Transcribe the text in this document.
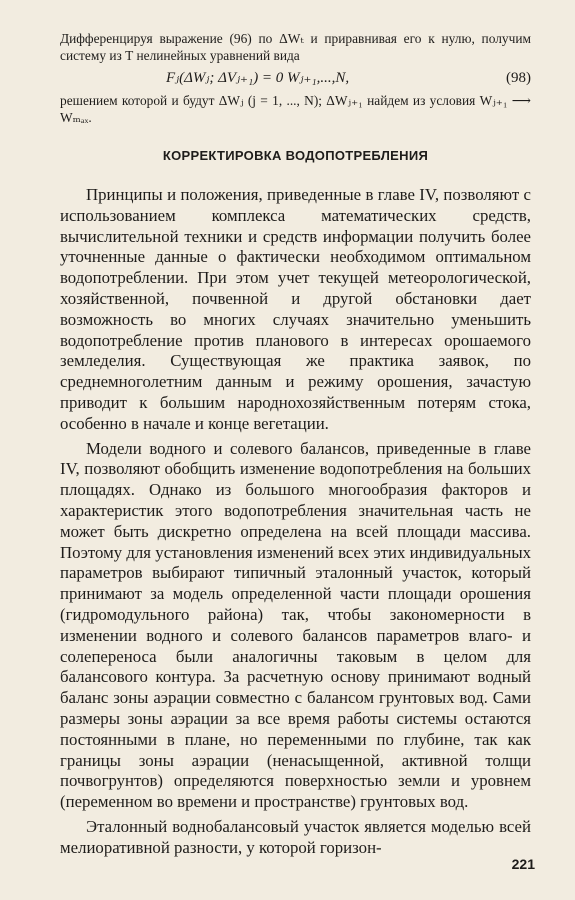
Дифференцируя выражение (96) по ΔWₜ и приравнивая его к нулю, получим систему из T нелинейных уравнений вида

Fⱼ(ΔWⱼ; ΔVⱼ₊₁) = 0 Wⱼ₊₁,...,N,	(98)

решением которой и будут ΔWⱼ (j = 1, ..., N); ΔWⱼ₊₁ найдем из условия Wⱼ₊₁ ⟶ Wₘₐₓ.

КОРРЕКТИРОВКА ВОДОПОТРЕБЛЕНИЯ

Принципы и положения, приведенные в главе IV, позволяют с использованием комплекса математических средств, вычислительной техники и средств информации получить более уточненные данные о фактически необходимом оптимальном водопотреблении. При этом учет текущей метеорологической, хозяйственной, почвенной и другой обстановки дает возможность во многих случаях значительно уменьшить водопотребление против планового в интересах орошаемого земледелия. Существующая же практика заявок, по среднемноголетним данным и режиму орошения, зачастую приводит к большим народнохозяйственным потерям стока, особенно в начале и конце вегетации.

Модели водного и солевого балансов, приведенные в главе IV, позволяют обобщить изменение водопотребления на больших площадях. Однако из большого многообразия факторов и характеристик этого водопотребления значительная часть не может быть дискретно определена на всей площади массива. Поэтому для установления изменений всех этих индивидуальных параметров выбирают типичный эталонный участок, который принимают за модель определенной части площади орошения (гидромодульного района) так, чтобы закономерности в изменении водного и солевого балансов параметров влаго- и солепереноса были аналогичны таковым в целом для балансового контура. За расчетную основу принимают водный баланс зоны аэрации совместно с балансом грунтовых вод. Сами размеры зоны аэрации за все время работы системы остаются постоянными в плане, но переменными по глубине, так как границы зоны аэрации (ненасыщенной, активной толщи почвогрунтов) определяются поверхностью земли и уровнем (переменном во времени и пространстве) грунтовых вод.

Эталонный воднобалансовый участок является моделью всей мелиоративной разности, у которой горизон-

221
